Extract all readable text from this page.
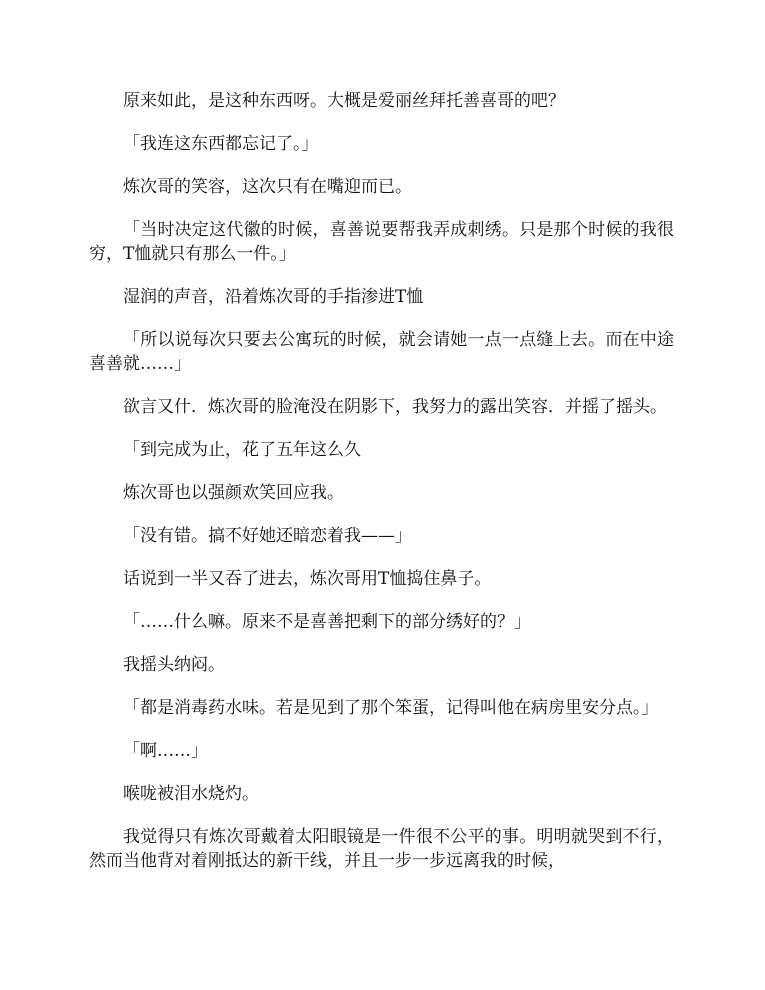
原来如此，是这种东西呀。大概是爱丽丝拜托善喜哥的吧？

「我连这东西都忘记了。」

炼次哥的笑容，这次只有在嘴迎而已。

「当时决定这代徽的时候，喜善说要帮我弄成刺绣。只是那个时候的我很穷，T恤就只有那么一件。」

湿润的声音，沿着炼次哥的手指渗进T恤

「所以说每次只要去公寓玩的时候，就会请她一点一点缝上去。而在中途喜善就……」

欲言又什．炼次哥的脸淹没在阴影下，我努力的露出笑容．并摇了摇头。

「到完成为止，花了五年这么久

炼次哥也以强颜欢笑回应我。

「没有错。搞不好她还暗恋着我——」

话说到一半又吞了进去，炼次哥用T恤捣住鼻子。

「……什么嘛。原来不是喜善把剩下的部分绣好的？」

我摇头纳闷。

「都是消毒药水味。若是见到了那个笨蛋，记得叫他在病房里安分点。」

「啊……」

喉咙被泪水烧灼。

我觉得只有炼次哥戴着太阳眼镜是一件很不公平的事。明明就哭到不行，然而当他背对着刚抵达的新干线，并且一步一步远离我的时候，
